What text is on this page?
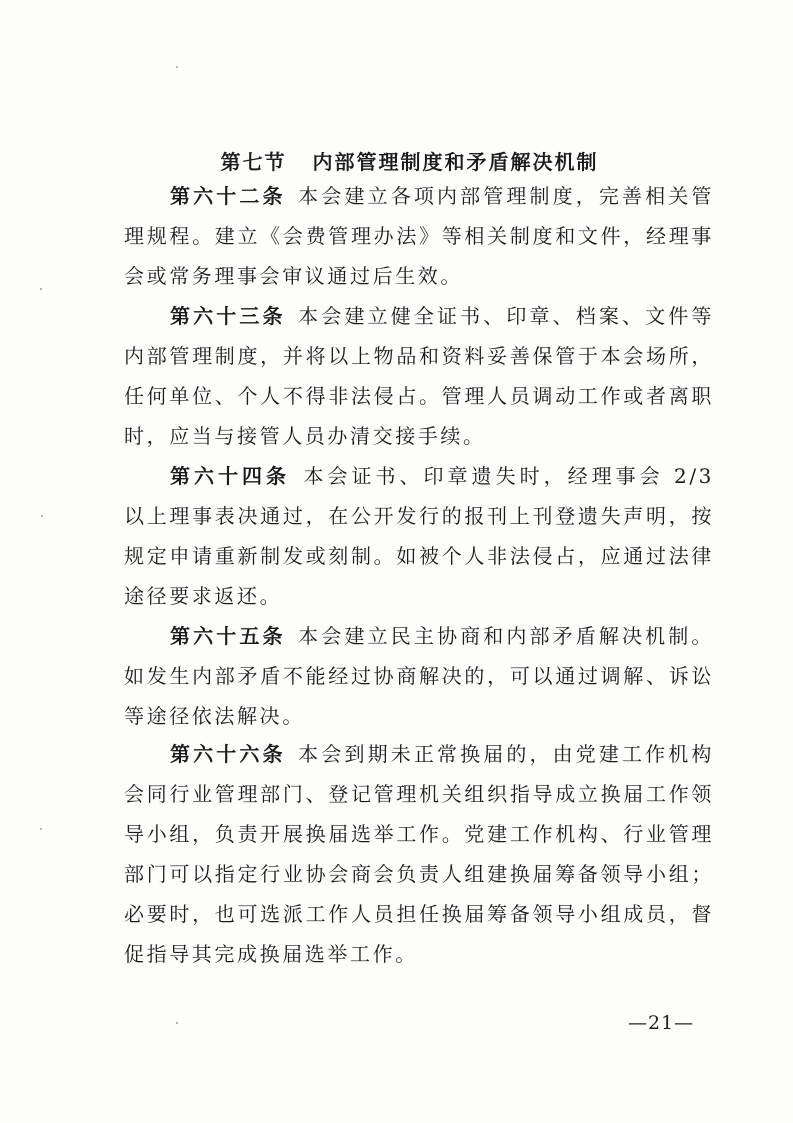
第七节 内部管理制度和矛盾解决机制
第六十二条 本会建立各项内部管理制度，完善相关管理规程。建立《会费管理办法》等相关制度和文件，经理事会或常务理事会审议通过后生效。
第六十三条 本会建立健全证书、印章、档案、文件等内部管理制度，并将以上物品和资料妥善保管于本会场所，任何单位、个人不得非法侵占。管理人员调动工作或者离职时，应当与接管人员办清交接手续。
第六十四条 本会证书、印章遗失时，经理事会 2/3 以上理事表决通过，在公开发行的报刊上刊登遗失声明，按规定申请重新制发或刻制。如被个人非法侵占，应通过法律途径要求返还。
第六十五条 本会建立民主协商和内部矛盾解决机制。如发生内部矛盾不能经过协商解决的，可以通过调解、诉讼等途径依法解决。
第六十六条 本会到期未正常换届的，由党建工作机构会同行业管理部门、登记管理机关组织指导成立换届工作领导小组，负责开展换届选举工作。党建工作机构、行业管理部门可以指定行业协会商会负责人组建换届筹备领导小组；必要时，也可选派工作人员担任换届筹备领导小组成员，督促指导其完成换届选举工作。
—21—
